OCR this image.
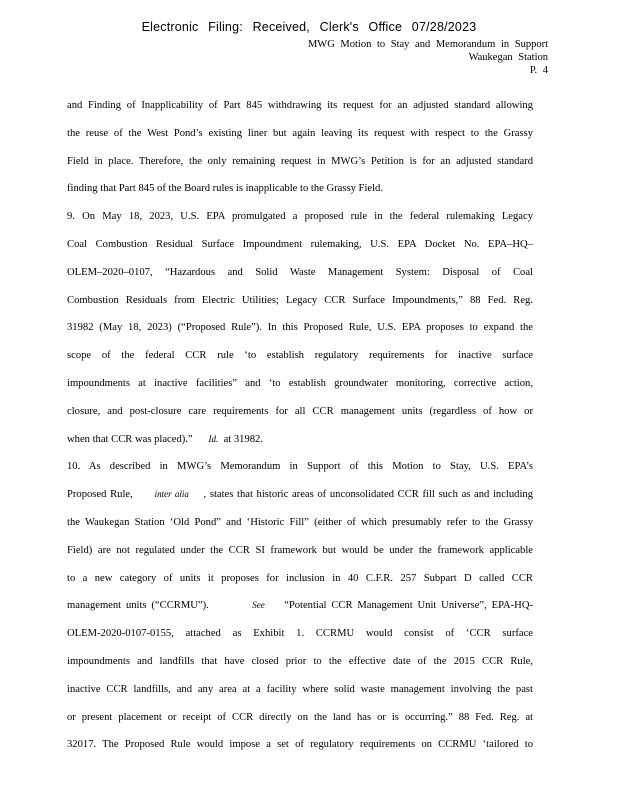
Electronic Filing: Received, Clerk's Office 07/28/2023
MWG Motion to Stay and Memorandum in Support
Waukegan Station
P. 4
and Finding of Inapplicability of Part 845 withdrawing its request for an adjusted standard allowing
the reuse of the West Pond’s existing liner but again leaving its request with respect to the Grassy
Field in place. Therefore, the only remaining request in MWG’s Petition is for an adjusted standard
finding that Part 845 of the Board rules is inapplicable to the Grassy Field.
9. On May 18, 2023, U.S. EPA promulgated a proposed rule in the federal rulemaking Legacy
Coal Combustion Residual Surface Impoundment rulemaking, U.S. EPA Docket No. EPA–HQ–
OLEM–2020–0107, “Hazardous and Solid Waste Management System: Disposal of Coal
Combustion Residuals from Electric Utilities; Legacy CCR Surface Impoundments,” 88 Fed. Reg.
31982 (May 18, 2023) (“Proposed Rule”). In this Proposed Rule, U.S. EPA proposes to expand the
scope of the federal CCR rule ‘to establish regulatory requirements for inactive surface
impoundments at inactive facilities” and ‘to establish groundwater monitoring, corrective action,
closure, and post-closure care requirements for all CCR management units (regardless of how or
when that CCR was placed).” Id. at 31982.
10. As described in MWG’s Memorandum in Support of this Motion to Stay, U.S. EPA’s
Proposed Rule, inter alia , states that historic areas of unconsolidated CCR fill such as and including
the Waukegan Station ‘Old Pond” and ‘Historic Fill” (either of which presumably refer to the Grassy
Field) are not regulated under the CCR SI framework but would be under the framework applicable
to a new category of units it proposes for inclusion in 40 C.F.R. 257 Subpart D called CCR
management units (“CCRMU”).	See “Potential CCR Management Unit Universe”, EPA-HQ-
OLEM-2020-0107-0155, attached as Exhibit 1. CCRMU would consist of ‘CCR surface
impoundments and landfills that have closed prior to the effective date of the 2015 CCR Rule,
inactive CCR landfills, and any area at a facility where solid waste management involving the past
or present placement or receipt of CCR directly on the land has or is occurring.” 88 Fed. Reg. at
32017. The Proposed Rule would impose a set of regulatory requirements on CCRMU ‘tailored to
